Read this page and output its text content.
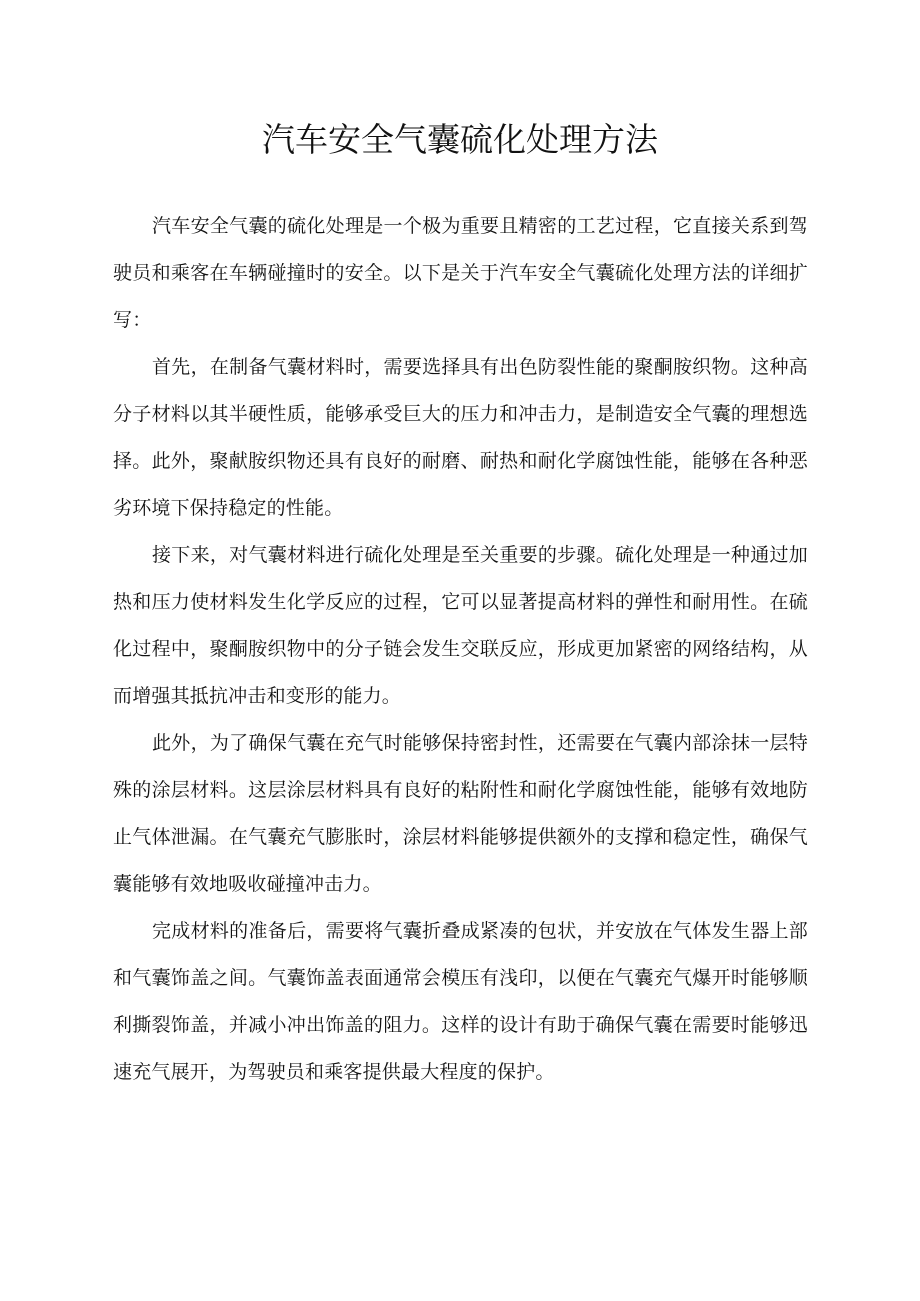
汽车安全气囊硫化处理方法

汽车安全气囊的硫化处理是一个极为重要且精密的工艺过程，它直接关系到驾驶员和乘客在车辆碰撞时的安全。以下是关于汽车安全气囊硫化处理方法的详细扩写：

首先，在制备气囊材料时，需要选择具有出色防裂性能的聚酮胺织物。这种高分子材料以其半硬性质，能够承受巨大的压力和冲击力，是制造安全气囊的理想选择。此外，聚献胺织物还具有良好的耐磨、耐热和耐化学腐蚀性能，能够在各种恶劣环境下保持稳定的性能。

接下来，对气囊材料进行硫化处理是至关重要的步骤。硫化处理是一种通过加热和压力使材料发生化学反应的过程，它可以显著提高材料的弹性和耐用性。在硫化过程中，聚酮胺织物中的分子链会发生交联反应，形成更加紧密的网络结构，从而增强其抵抗冲击和变形的能力。

此外，为了确保气囊在充气时能够保持密封性，还需要在气囊内部涂抹一层特殊的涂层材料。这层涂层材料具有良好的粘附性和耐化学腐蚀性能，能够有效地防止气体泄漏。在气囊充气膨胀时，涂层材料能够提供额外的支撑和稳定性，确保气囊能够有效地吸收碰撞冲击力。

完成材料的准备后，需要将气囊折叠成紧凑的包状，并安放在气体发生器上部和气囊饰盖之间。气囊饰盖表面通常会模压有浅印，以便在气囊充气爆开时能够顺利撕裂饰盖，并减小冲出饰盖的阻力。这样的设计有助于确保气囊在需要时能够迅速充气展开，为驾驶员和乘客提供最大程度的保护。
